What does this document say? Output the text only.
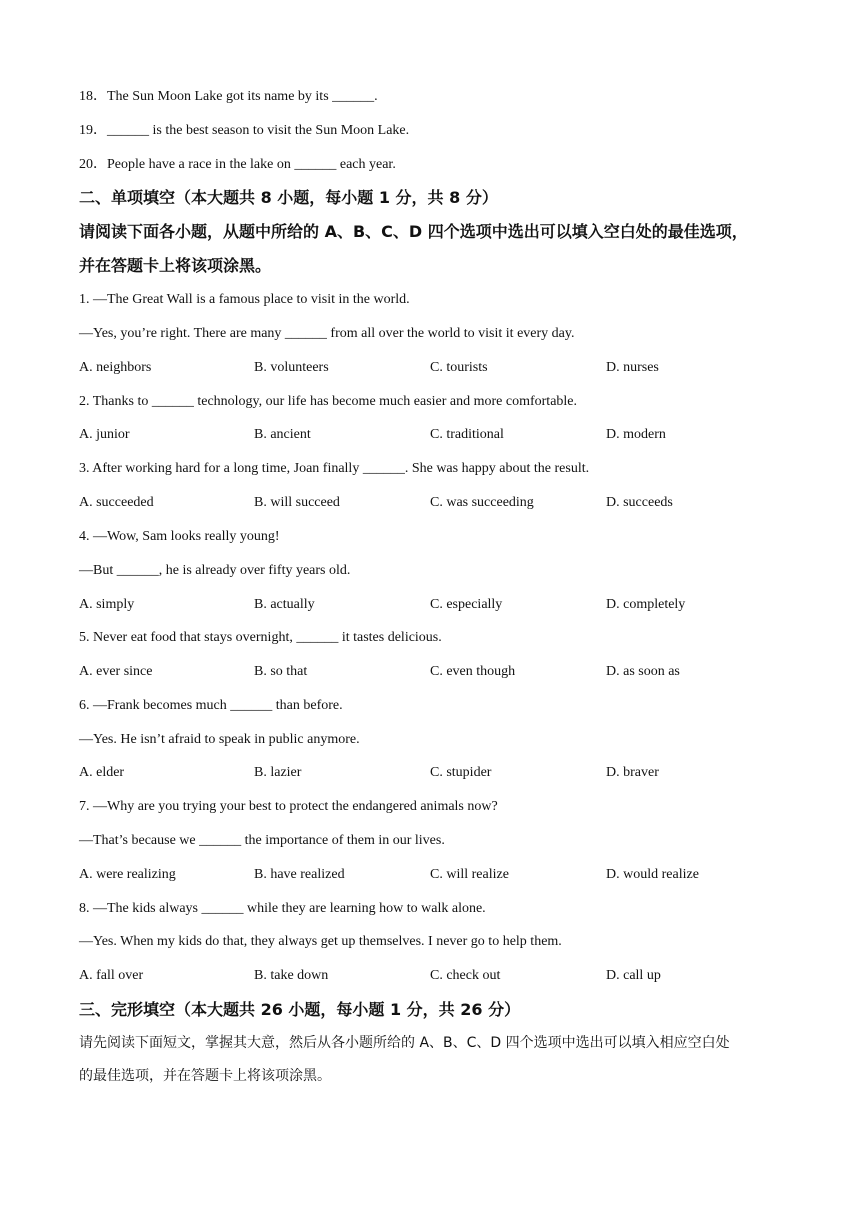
18．The Sun Moon Lake got its name by its ______.
19．______ is the best season to visit the Sun Moon Lake.
20．People have a race in the lake on ______ each year.
二、单项填空（本大题共 8 小题，每小题 1 分，共 8 分）
请阅读下面各小题，从题中所给的 A、B、C、D 四个选项中选出可以填入空白处的最佳选项，
并在答题卡上将该项涂黑。
1. —The Great Wall is a famous place to visit in the world.
—Yes, you’re right. There are many ______ from all over the world to visit it every day.
A. neighbors	B. volunteers	C. tourists	D. nurses
2. Thanks to ______ technology, our life has become much easier and more comfortable.
A. junior	B. ancient	C. traditional	D. modern
3. After working hard for a long time, Joan finally ______. She was happy about the result.
A. succeeded	B. will succeed	C. was succeeding	D. succeeds
4. —Wow, Sam looks really young!
—But ______, he is already over fifty years old.
A. simply	B. actually	C. especially	D. completely
5. Never eat food that stays overnight, ______ it tastes delicious.
A. ever since	B. so that	C. even though	D. as soon as
6. —Frank becomes much ______ than before.
—Yes. He isn’t afraid to speak in public anymore.
A. elder	B. lazier	C. stupider	D. braver
7. —Why are you trying your best to protect the endangered animals now?
—That’s because we ______ the importance of them in our lives.
A. were realizing	B. have realized	C. will realize	D. would realize
8. —The kids always ______ while they are learning how to walk alone.
—Yes. When my kids do that, they always get up themselves. I never go to help them.
A. fall over	B. take down	C. check out	D. call up
三、完形填空（本大题共 26 小题，每小题 1 分，共 26 分）
请先阅读下面短文，掌握其大意，然后从各小题所给的 A、B、C、D 四个选项中选出可以填入相应空白处
的最佳选项，并在答题卡上将该项涂黑。
